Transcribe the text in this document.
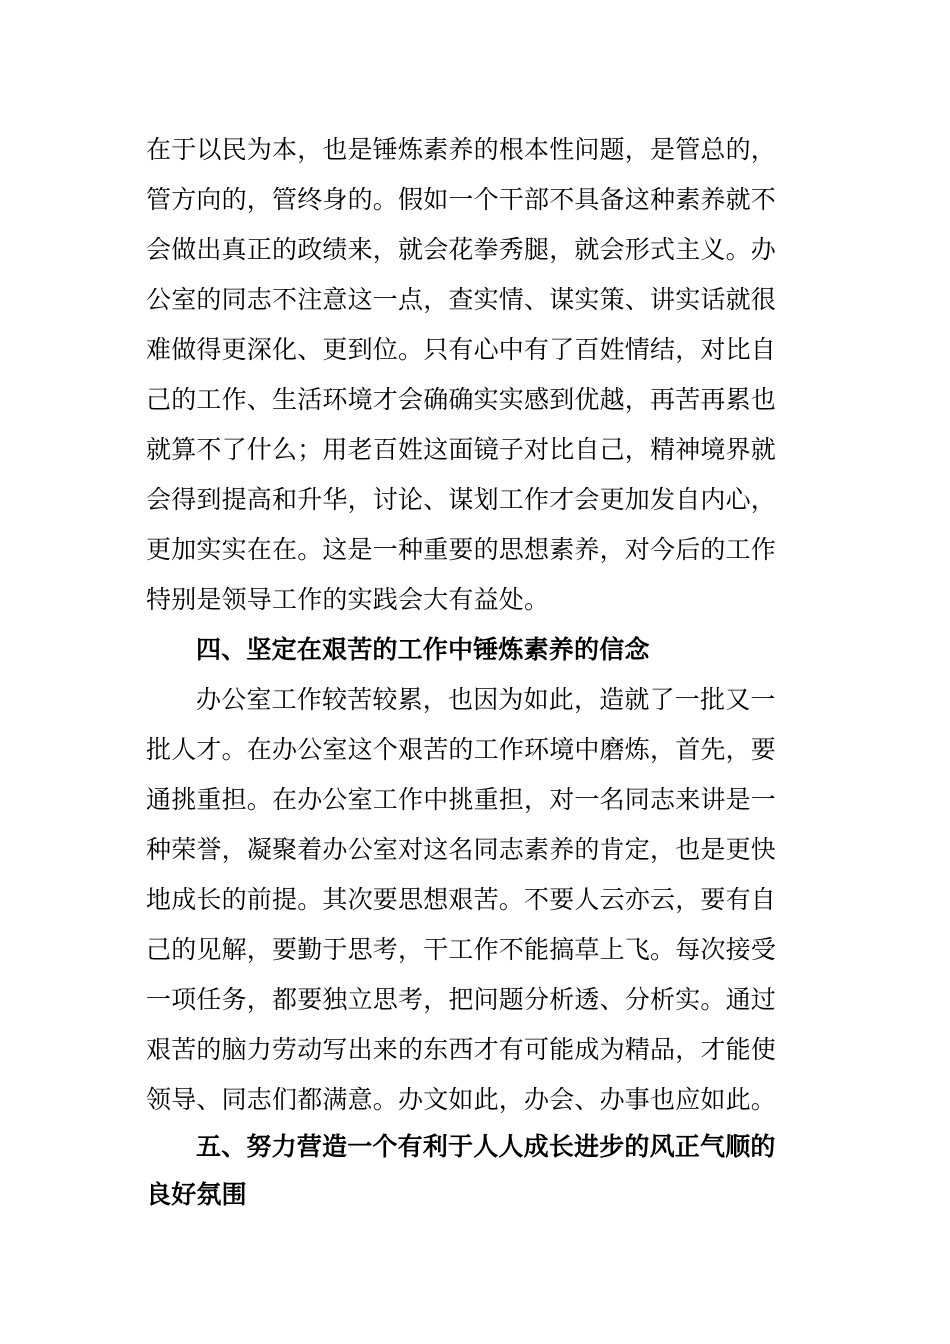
在于以民为本，也是锤炼素养的根本性问题，是管总的，
管方向的，管终身的。假如一个干部不具备这种素养就不
会做出真正的政绩来，就会花拳秀腿，就会形式主义。办
公室的同志不注意这一点，查实情、谋实策、讲实话就很
难做得更深化、更到位。只有心中有了百姓情结，对比自
己的工作、生活环境才会确确实实感到优越，再苦再累也
就算不了什么；用老百姓这面镜子对比自己，精神境界就
会得到提高和升华，讨论、谋划工作才会更加发自内心，
更加实实在在。这是一种重要的思想素养，对今后的工作
特别是领导工作的实践会大有益处。
四、坚定在艰苦的工作中锤炼素养的信念
办公室工作较苦较累，也因为如此，造就了一批又一
批人才。在办公室这个艰苦的工作环境中磨炼，首先，要
通挑重担。在办公室工作中挑重担，对一名同志来讲是一
种荣誉，凝聚着办公室对这名同志素养的肯定，也是更快
地成长的前提。其次要思想艰苦。不要人云亦云，要有自
己的见解，要勤于思考，干工作不能搞草上飞。每次接受
一项任务，都要独立思考，把问题分析透、分析实。通过
艰苦的脑力劳动写出来的东西才有可能成为精品，才能使
领导、同志们都满意。办文如此，办会、办事也应如此。
五、努力营造一个有利于人人成长进步的风正气顺的
良好氛围
